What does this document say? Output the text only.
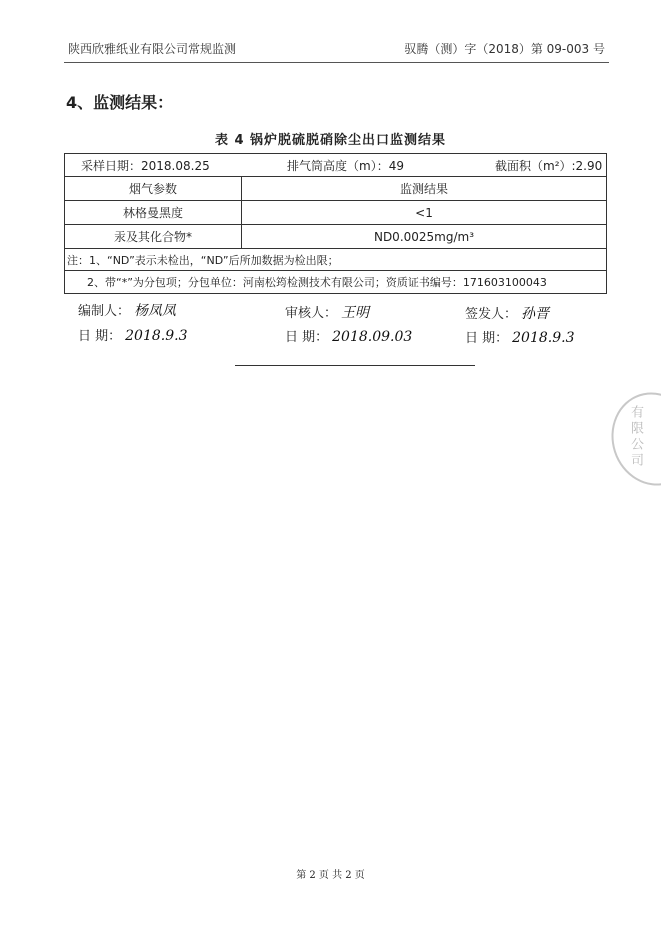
陕西欣雅纸业有限公司常规监测	驭腾（测）字（2018）第 09-003 号
4、监测结果：
表 4 锅炉脱硫脱硝除尘出口监测结果
采样日期：2018.08.25	排气筒高度（m）：49	截面积（m²）:2.90
烟气参数	监测结果
林格曼黑度	<1
汞及其化合物*	ND0.0025mg/m³
注：1、“ND”表示未检出，“ND”后所加数据为检出限；
2、带“*”为分包项；分包单位：河南松筠检测技术有限公司；资质证书编号：171603100043
编制人： 杨凤凤
日 期： 2018.9.3
审核人： 王明
日 期： 2018.09.03
签发人： 孙晋
日 期： 2018.9.3
有限公司
第 2 页 共 2 页
